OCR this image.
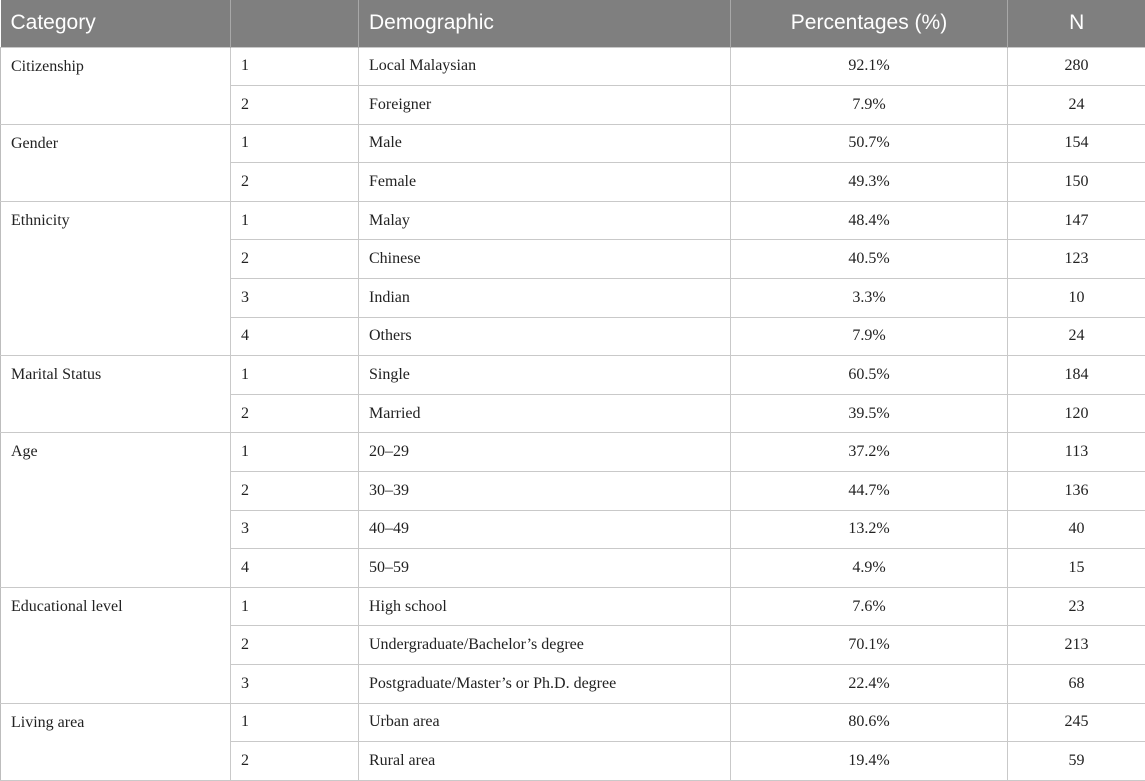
Category		Demographic	Percentages (%)	N
Citizenship	1	Local Malaysian	92.1%	280
	2	Foreigner	7.9%	24
Gender	1	Male	50.7%	154
	2	Female	49.3%	150
Ethnicity	1	Malay	48.4%	147
	2	Chinese	40.5%	123
	3	Indian	3.3%	10
	4	Others	7.9%	24
Marital Status	1	Single	60.5%	184
	2	Married	39.5%	120
Age	1	20–29	37.2%	113
	2	30–39	44.7%	136
	3	40–49	13.2%	40
	4	50–59	4.9%	15
Educational level	1	High school	7.6%	23
	2	Undergraduate/Bachelor’s degree	70.1%	213
	3	Postgraduate/Master’s or Ph.D. degree	22.4%	68
Living area	1	Urban area	80.6%	245
	2	Rural area	19.4%	59
